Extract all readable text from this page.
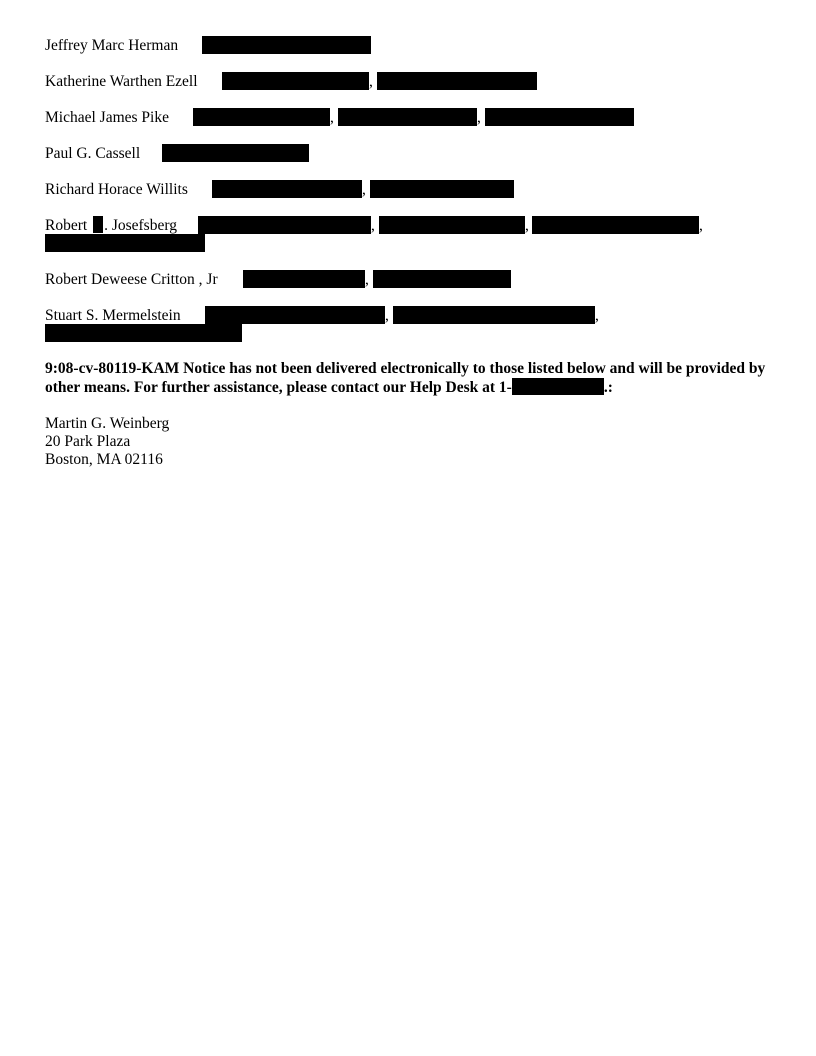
Jeffrey Marc Herman
Katherine Warthen Ezell	,
Michael James Pike	,	,
Paul G. Cassell
Richard Horace Willits	,
Robert . Josefsberg	,	,	,
Robert Deweese Critton , Jr	,
Stuart S. Mermelstein	,	,
9:08-cv-80119-KAM Notice has not been delivered electronically to those listed below and will be provided by other means. For further assistance, please contact our Help Desk at 1-	.:
Martin G. Weinberg
20 Park Plaza
Boston, MA 02116
